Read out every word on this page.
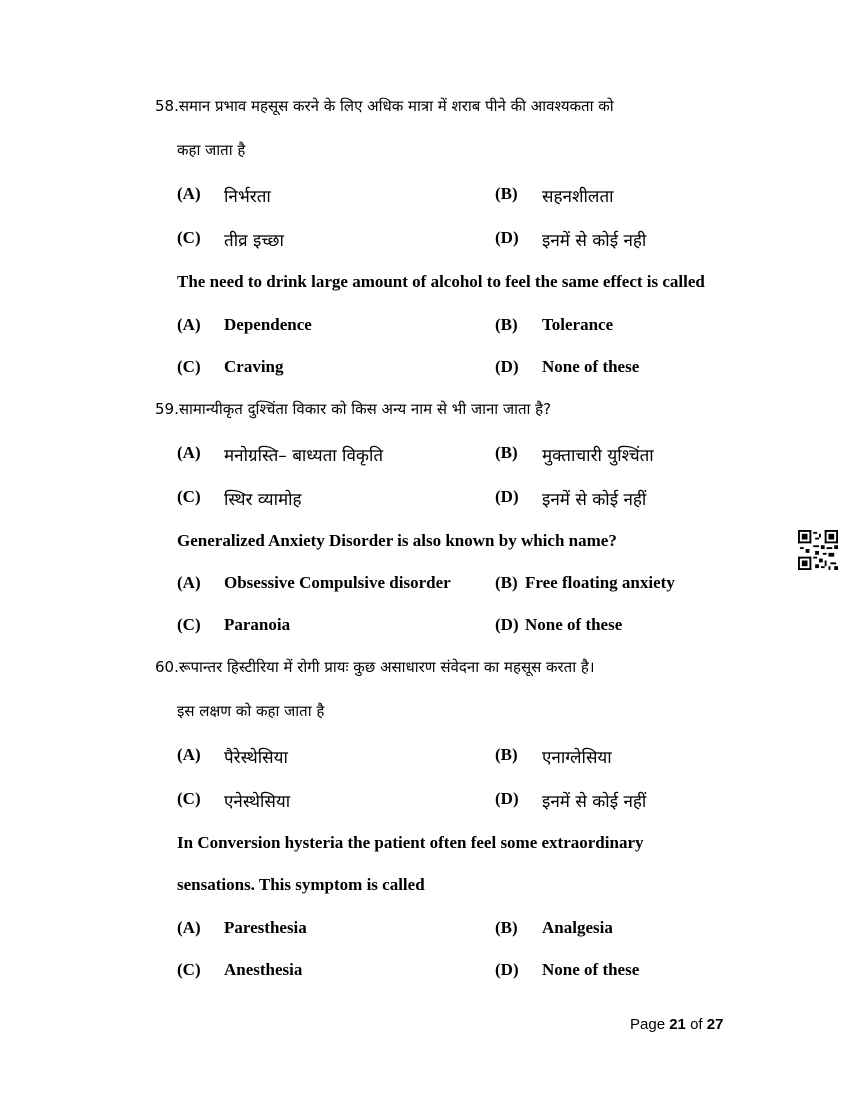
58.समान प्रभाव महसूस करने के लिए अधिक मात्रा में शराब पीने की आवश्यकता को
कहा जाता है
(A) निर्भरता	(B) सहनशीलता
(C) तीव्र इच्छा	(D) इनमें से कोई नही
The need to drink large amount of alcohol to feel the same effect is called
(A) Dependence	(B) Tolerance
(C) Craving	(D) None of these
59.सामान्यीकृत दुश्चिंता विकार को किस अन्य नाम से भी जाना जाता है?
(A) मनोग्रस्ति– बाध्यता विकृति	(B) मुक्ताचारी युश्चिंता
(C) स्थिर व्यामोह	(D) इनमें से कोई नहीं
Generalized Anxiety Disorder is also known by which name?
(A) Obsessive Compulsive disorder	(B) Free floating anxiety
(C) Paranoia	(D) None of these
60.रूपान्तर हिस्टीरिया में रोगी प्रायः कुछ असाधारण संवेदना का महसूस करता है।
इस लक्षण को कहा जाता है
(A) पैरेस्थेसिया	(B) एनाग्लेसिया
(C) एनेस्थेसिया	(D) इनमें से कोई नहीं
In Conversion hysteria the patient often feel some extraordinary
sensations. This symptom is called
(A) Paresthesia	(B) Analgesia
(C) Anesthesia	(D) None of these
Page 21 of 27
